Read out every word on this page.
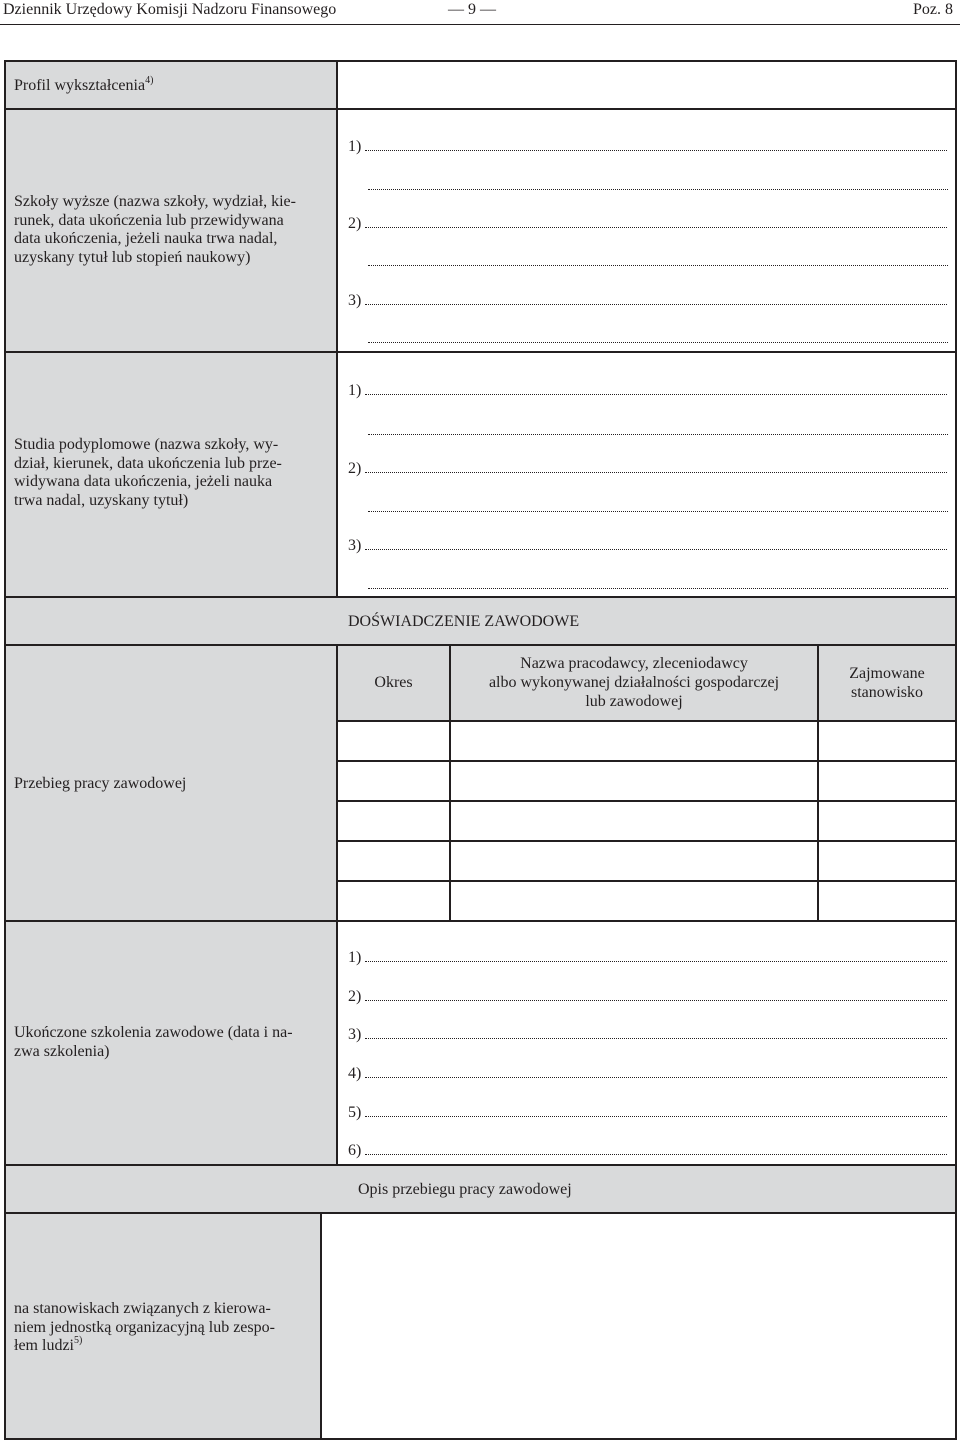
Dziennik Urzędowy Komisji Nadzoru Finansowego	— 9 —	Poz. 8
Profil wykształcenia$^{4)}$
Szkoły wyższe (nazwa szkoły, wydział, kie-
runek, data ukończenia lub przewidywana
data ukończenia, jeżeli nauka trwa nadal,
uzyskany tytuł lub stopień naukowy)
1)
2)
3)
Studia podyplomowe (nazwa szkoły, wy-
dział, kierunek, data ukończenia lub prze-
widywana data ukończenia, jeżeli nauka
trwa nadal, uzyskany tytuł)
1)
2)
3)
DOŚWIADCZENIE ZAWODOWE
Przebieg pracy zawodowej
Okres
Nazwa pracodawcy, zleceniodawcy
albo wykonywanej działalności gospodarczej
lub zawodowej
Zajmowane
stanowisko
Ukończone szkolenia zawodowe (data i na-
zwa szkolenia)
1)
2)
3)
4)
5)
6)
Opis przebiegu pracy zawodowej
na stanowiskach związanych z kierowa-
niem jednostką organizacyjną lub zespo-
łem ludzi$^{5)}$
